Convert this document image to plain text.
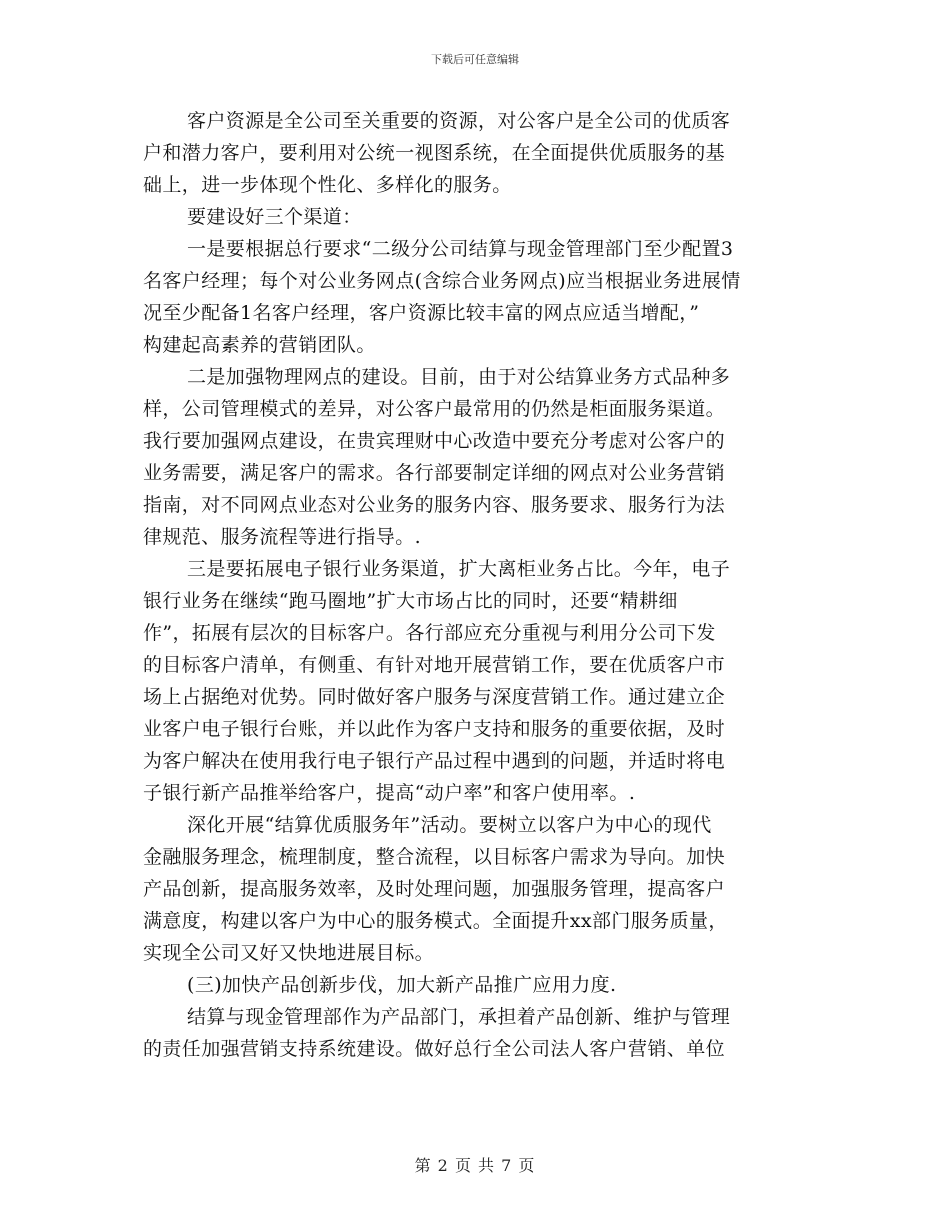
下载后可任意编辑
客户资源是全公司至关重要的资源，对公客户是全公司的优质客
户和潜力客户，要利用对公统一视图系统，在全面提供优质服务的基
础上，进一步体现个性化、多样化的服务。
要建设好三个渠道：
一是要根据总行要求“二级分公司结算与现金管理部门至少配置3
名客户经理；每个对公业务网点(含综合业务网点)应当根据业务进展情
况至少配备1名客户经理，客户资源比较丰富的网点应适当增配，”
构建起高素养的营销团队。
二是加强物理网点的建设。目前，由于对公结算业务方式品种多
样，公司管理模式的差异，对公客户最常用的仍然是柜面服务渠道。
我行要加强网点建设，在贵宾理财中心改造中要充分考虑对公客户的
业务需要，满足客户的需求。各行部要制定详细的网点对公业务营销
指南，对不同网点业态对公业务的服务内容、服务要求、服务行为法
律规范、服务流程等进行指导。.
三是要拓展电子银行业务渠道，扩大离柜业务占比。今年，电子
银行业务在继续“跑马圈地”扩大市场占比的同时，还要“精耕细
作”，拓展有层次的目标客户。各行部应充分重视与利用分公司下发
的目标客户清单，有侧重、有针对地开展营销工作，要在优质客户市
场上占据绝对优势。同时做好客户服务与深度营销工作。通过建立企
业客户电子银行台账，并以此作为客户支持和服务的重要依据，及时
为客户解决在使用我行电子银行产品过程中遇到的问题，并适时将电
子银行新产品推举给客户，提高“动户率”和客户使用率。.
深化开展“结算优质服务年”活动。要树立以客户为中心的现代
金融服务理念，梳理制度，整合流程，以目标客户需求为导向。加快
产品创新，提高服务效率，及时处理问题，加强服务管理，提高客户
满意度，构建以客户为中心的服务模式。全面提升xx部门服务质量，
实现全公司又好又快地进展目标。
(三)加快产品创新步伐，加大新产品推广应用力度.
结算与现金管理部作为产品部门，承担着产品创新、维护与管理
的责任加强营销支持系统建设。做好总行全公司法人客户营销、单位
第 2 页 共 7 页
